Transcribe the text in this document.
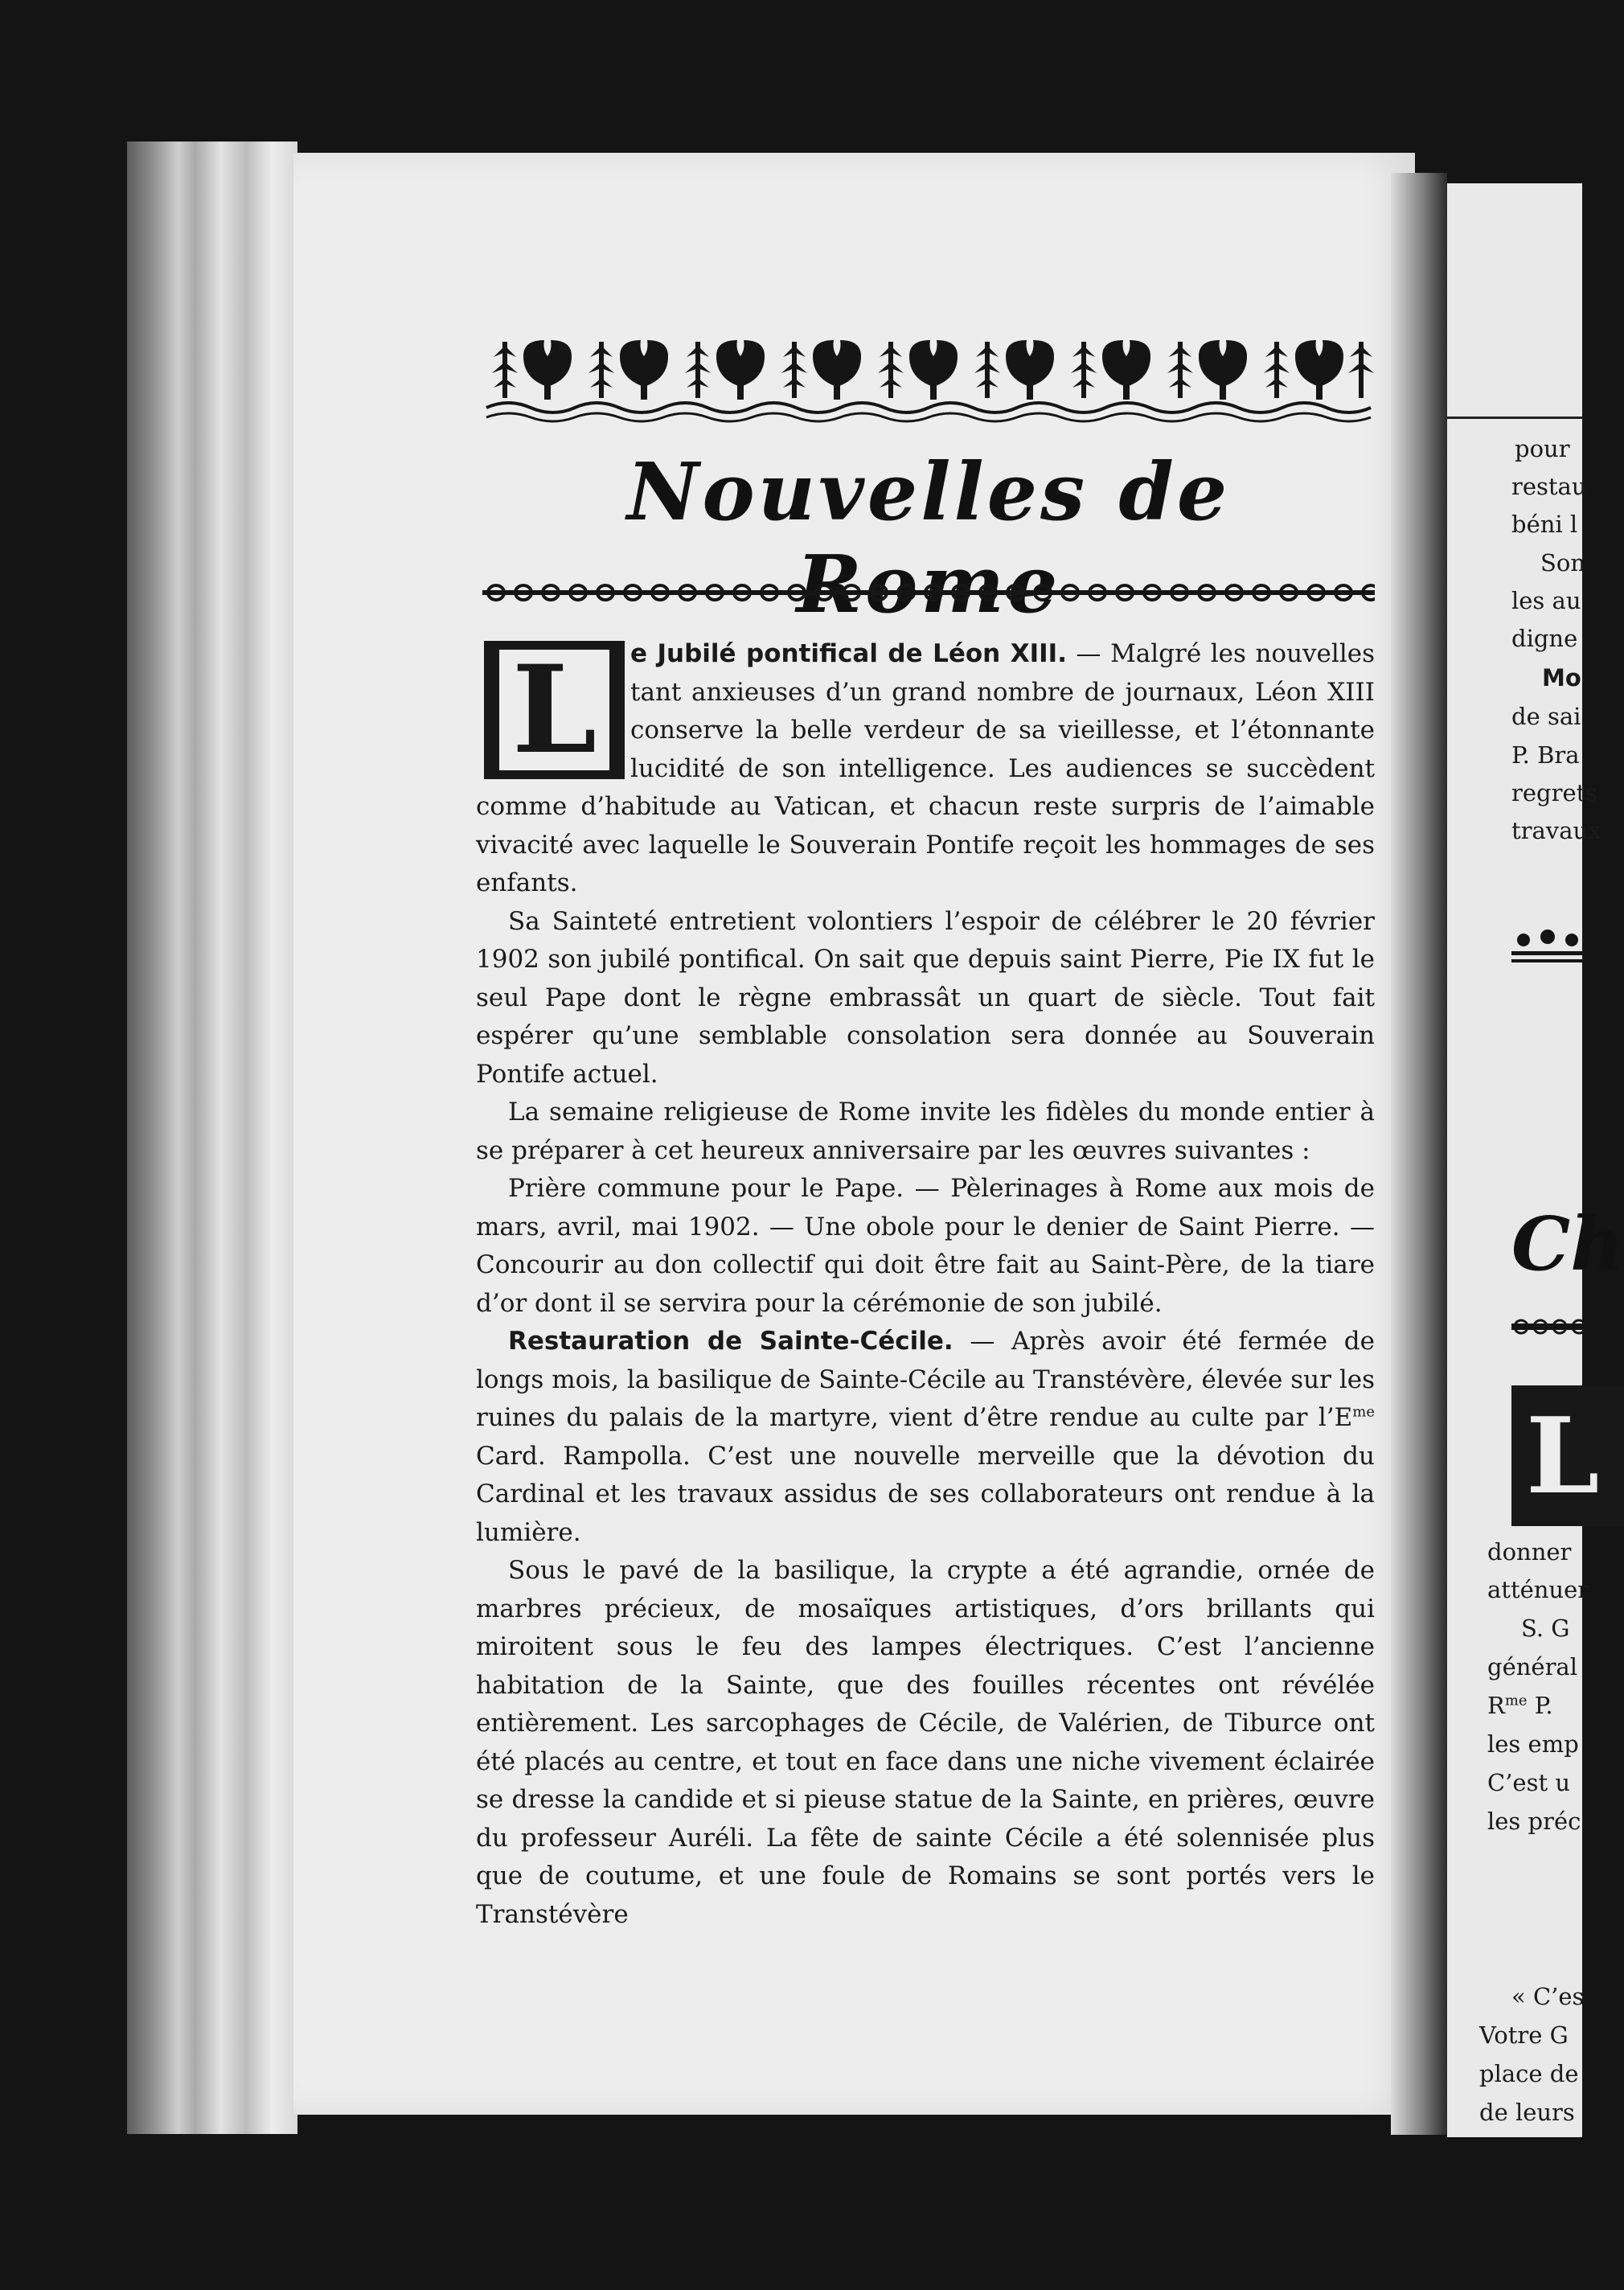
Nouvelles de
L	e Jubilé pontifical de Léon XIII. — Malgré les nouvelles tant anxieuses d’un grand nombre de journaux, Léon XIII conserve la belle verdeur de sa vieillesse, et l’étonnante lucidité de son intelligence. Les audiences se succèdent comme d’habitude au Vatican, et chacun reste surpris de l’aimable vivacité avec laquelle le Souverain Pontife reçoit les hommages de ses enfants.

Sa Sainteté entretient volontiers l’espoir de célébrer le 20 février 1902 son jubilé pontifical. On sait que depuis saint Pierre, Pie IX fut le seul Pape dont le règne embrassât un quart de siècle. Tout fait espérer qu’une semblable consolation sera donnée au Souverain Pontife actuel.

La semaine religieuse de Rome invite les fidèles du monde entier à se préparer à cet heureux anniversaire par les œuvres suivantes :

Prière commune pour le Pape. — Pèlerinages à Rome aux mois de mars, avril, mai 1902. — Une obole pour le denier de Saint Pierre. — Concourir au don collectif qui doit être fait au Saint-Père, de la tiare d’or dont il se servira pour la cérémonie de son jubilé.

Restauration de Sainte-Cécile. — Après avoir été fermée de longs mois, la basilique de Sainte-Cécile au Transtévère, élevée sur les ruines du palais de la martyre, vient d’être rendue au culte par $l’E^{me}$ Card. Rampolla. C’est une nouvelle merveille que la dévotion du Cardinal et les travaux assidus de ses collaborateurs ont rendue à la lumière.

Sous le pavé de la basilique, la crypte a été agrandie, ornée de marbres précieux, de mosaïques artistiques, d’ors brillants qui miroitent sous le feu des lampes électriques. C’est l’ancienne habitation de la Sainte, que des fouilles récentes ont révélée entièrement. Les sarcophages de Cécile, de Valérien, de Tiburce ont été placés au centre, et tout en face dans une niche vivement éclairée se dresse la candide et si pieuse statue de la Sainte, en prières, œuvre du professeur Auréli. La fête de sainte Cécile a été solennisée plus que de coutume, et une foule de Romains se sont portés vers le Transtévère

pour
restau
béni l
Son
les au
digne
Mo
de sai
P. Bra
regrets
travaux
Ch
L
donner
atténuer
S. G
général
$R^{me}$ P.
les emp
C’est u
les préc
« C’es
Votre G
place de
de leurs
